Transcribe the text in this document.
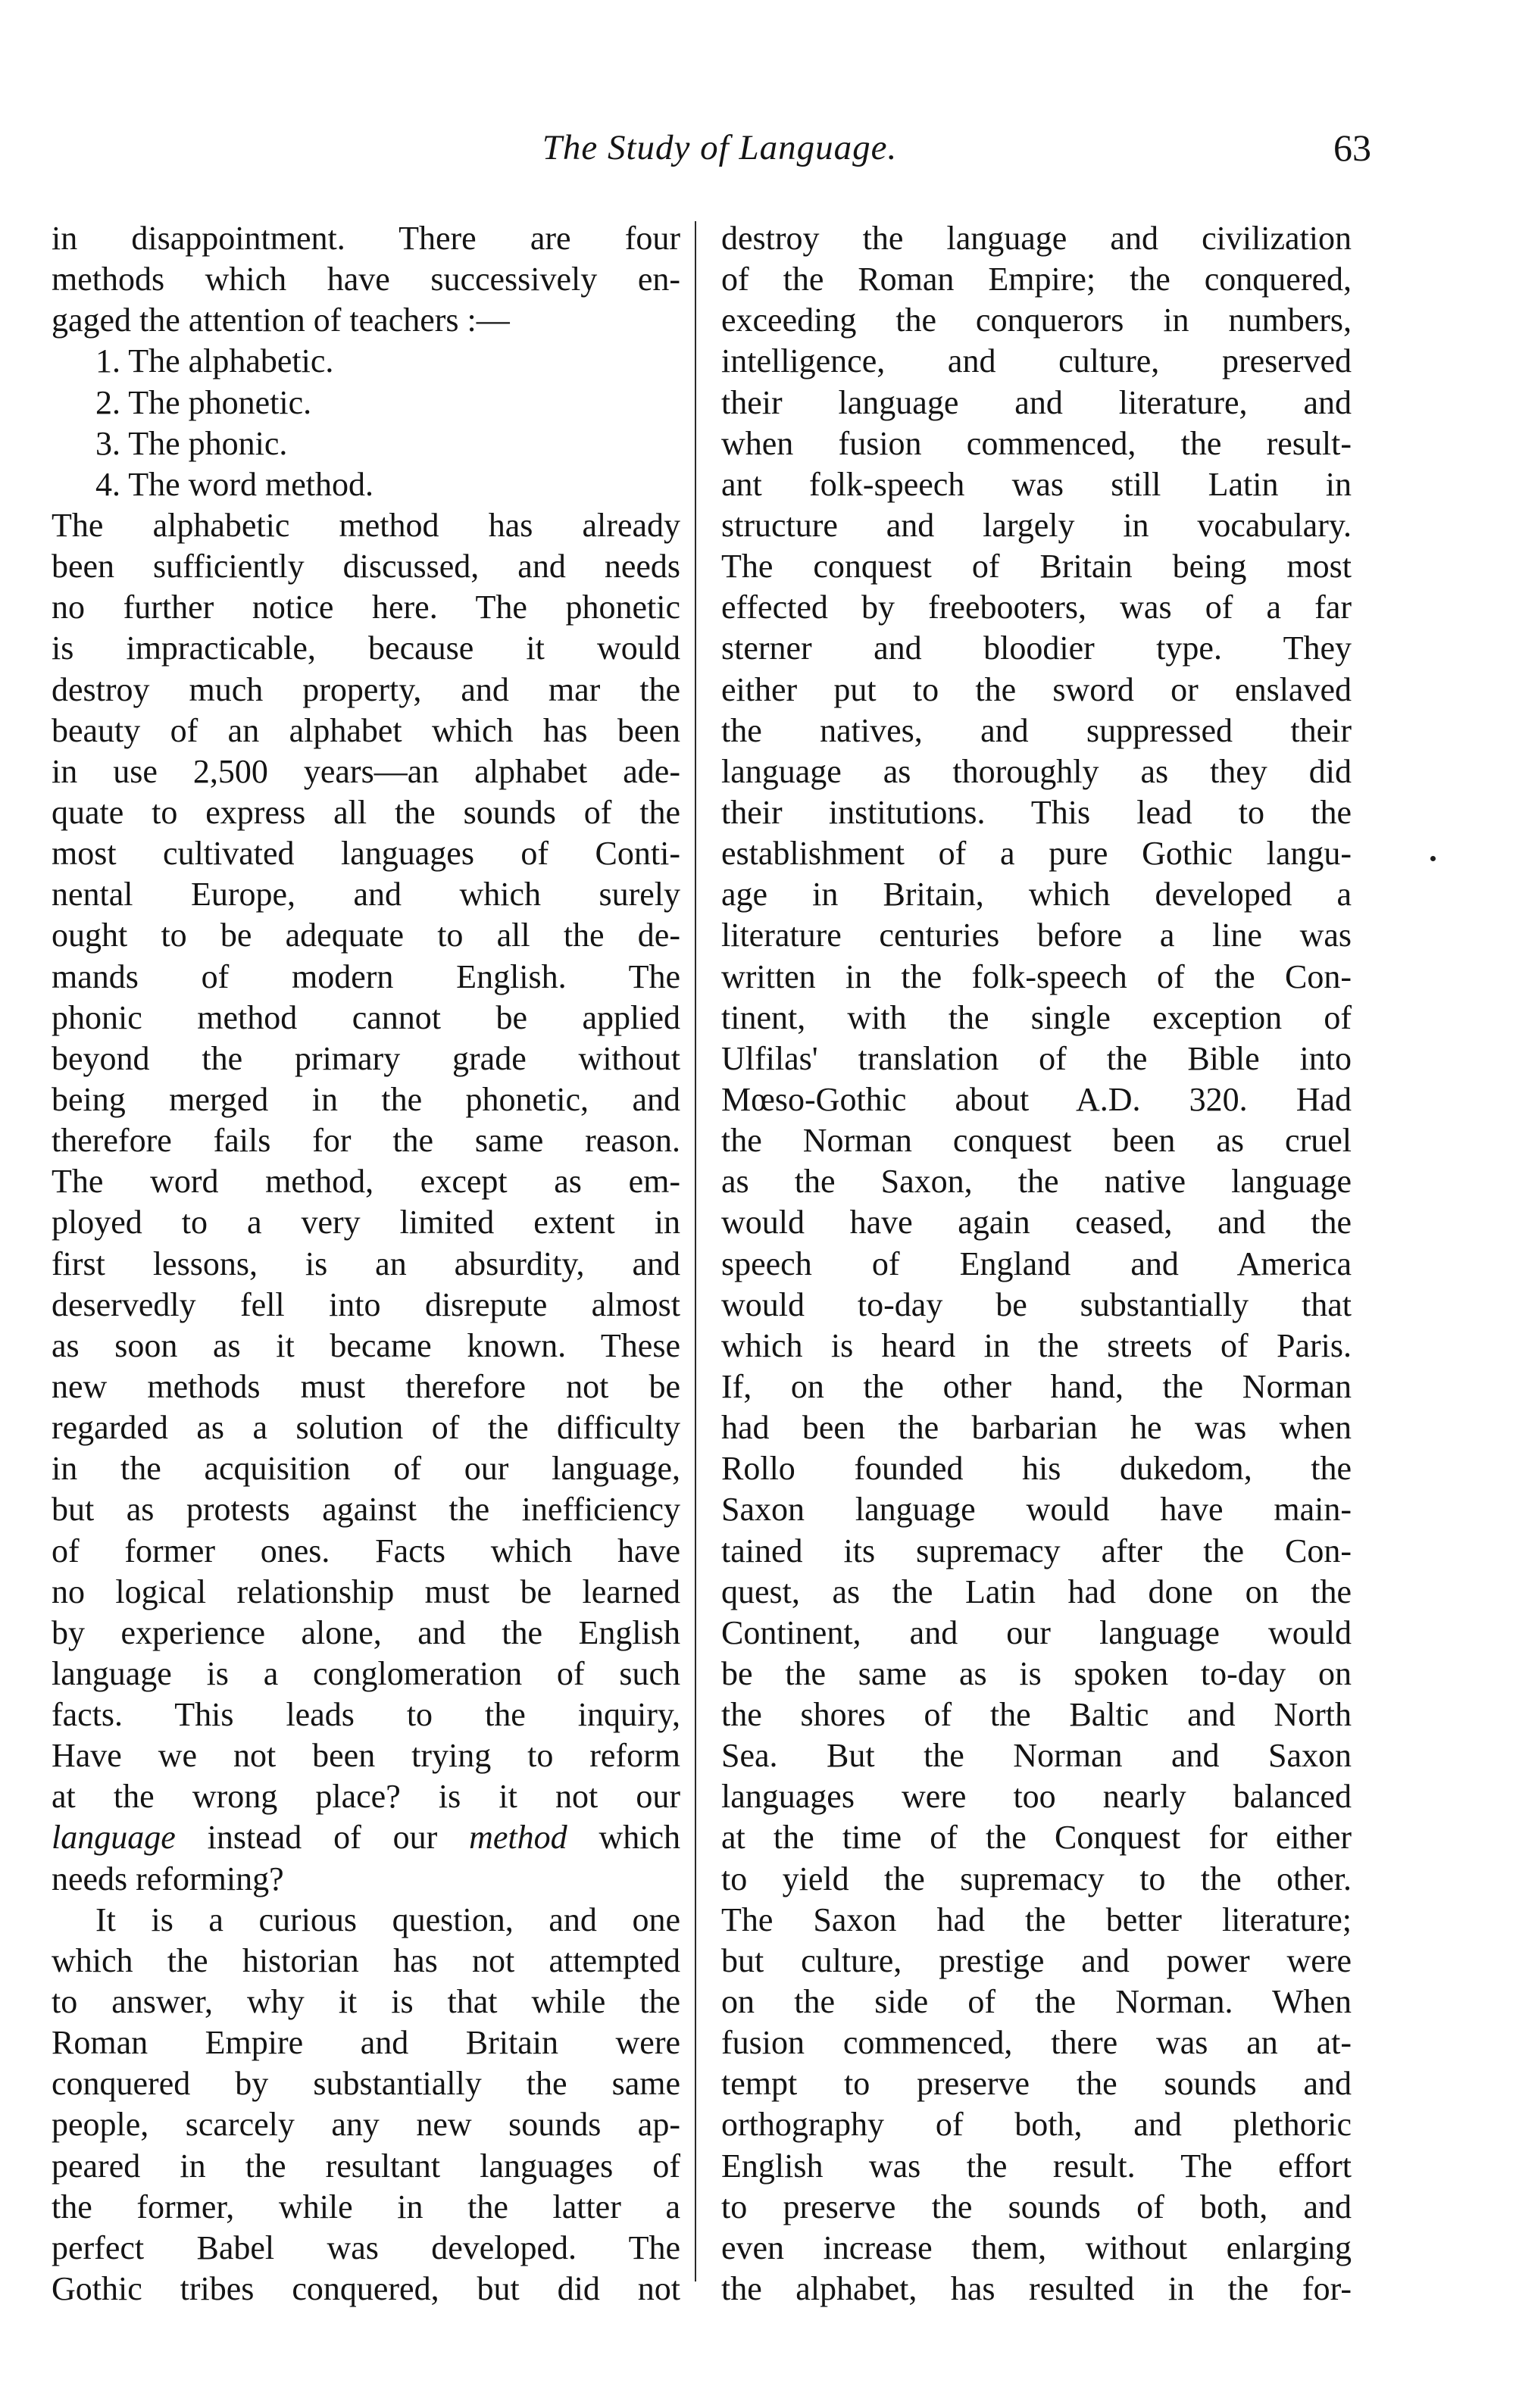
The Study of Language.	63
in disappointment. There are four
methods which have successively en-
gaged the attention of teachers :—
1. The alphabetic.
2. The phonetic.
3. The phonic.
4. The word method.
The alphabetic method has already
been sufficiently discussed, and needs
no further notice here. The phonetic
is impracticable, because it would
destroy much property, and mar the
beauty of an alphabet which has been
in use 2,500 years—an alphabet ade-
quate to express all the sounds of the
most cultivated languages of Conti-
nental Europe, and which surely
ought to be adequate to all the de-
mands of modern English. The
phonic method cannot be applied
beyond the primary grade without
being merged in the phonetic, and
therefore fails for the same reason.
The word method, except as em-
ployed to a very limited extent in
first lessons, is an absurdity, and
deservedly fell into disrepute almost
as soon as it became known. These
new methods must therefore not be
regarded as a solution of the difficulty
in the acquisition of our language,
but as protests against the inefficiency
of former ones. Facts which have
no logical relationship must be learned
by experience alone, and the English
language is a conglomeration of such
facts. This leads to the inquiry,
Have we not been trying to reform
at the wrong place? is it not our
language instead of our method which
needs reforming?
It is a curious question, and one
which the historian has not attempted
to answer, why it is that while the
Roman Empire and Britain were
conquered by substantially the same
people, scarcely any new sounds ap-
peared in the resultant languages of
the former, while in the latter a
perfect Babel was developed. The
Gothic tribes conquered, but did not
destroy the language and civilization
of the Roman Empire; the conquered,
exceeding the conquerors in numbers,
intelligence, and culture, preserved
their language and literature, and
when fusion commenced, the result-
ant folk-speech was still Latin in
structure and largely in vocabulary.
The conquest of Britain being most
effected by freebooters, was of a far
sterner and bloodier type. They
either put to the sword or enslaved
the natives, and suppressed their
language as thoroughly as they did
their institutions. This lead to the
establishment of a pure Gothic langu-
age in Britain, which developed a
literature centuries before a line was
written in the folk-speech of the Con-
tinent, with the single exception of
Ulfilas' translation of the Bible into
Mœso-Gothic about A.D. 320. Had
the Norman conquest been as cruel
as the Saxon, the native language
would have again ceased, and the
speech of England and America
would to-day be substantially that
which is heard in the streets of Paris.
If, on the other hand, the Norman
had been the barbarian he was when
Rollo founded his dukedom, the
Saxon language would have main-
tained its supremacy after the Con-
quest, as the Latin had done on the
Continent, and our language would
be the same as is spoken to-day on
the shores of the Baltic and North
Sea. But the Norman and Saxon
languages were too nearly balanced
at the time of the Conquest for either
to yield the supremacy to the other.
The Saxon had the better literature;
but culture, prestige and power were
on the side of the Norman. When
fusion commenced, there was an at-
tempt to preserve the sounds and
orthography of both, and plethoric
English was the result. The effort
to preserve the sounds of both, and
even increase them, without enlarging
the alphabet, has resulted in the for-
